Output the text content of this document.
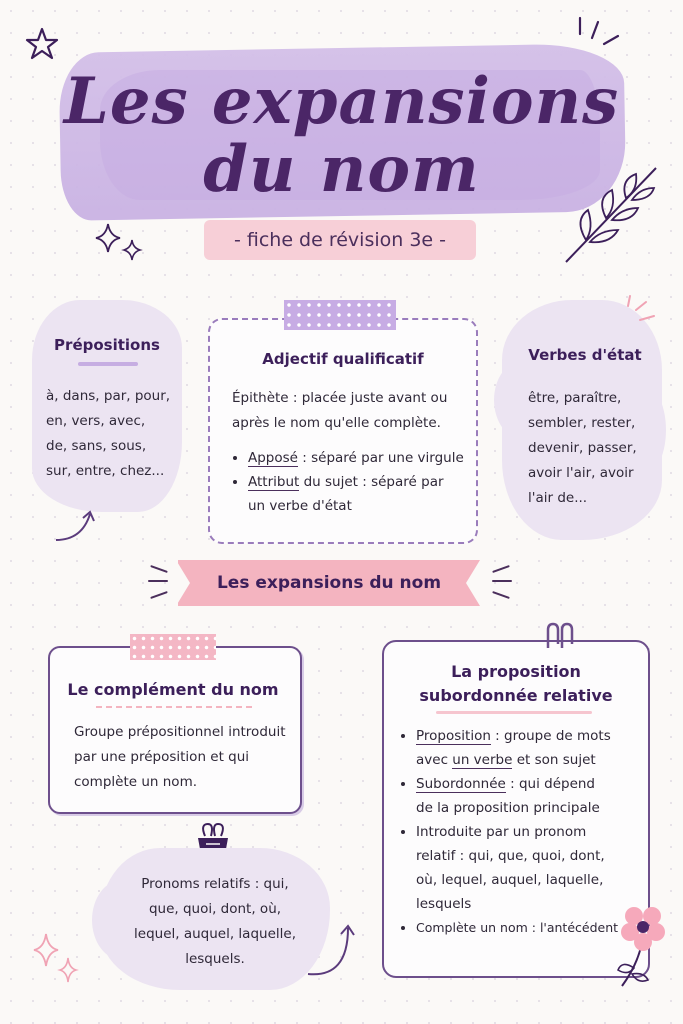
Les expansions
du nom
- fiche de révision 3e -
Prépositions
à, dans, par, pour,
en, vers, avec,
de, sans, sous,
sur, entre, chez...
Adjectif qualificatif
Épithète : placée juste avant ou
après le nom qu'elle complète.
• Apposé : séparé par une virgule
• Attribut du sujet : séparé par
un verbe d'état
Verbes d'état
être, paraître,
sembler, rester,
devenir, passer,
avoir l'air, avoir
l'air de...
Les expansions du nom
Le complément du nom
Groupe prépositionnel introduit
par une préposition et qui
complète un nom.
Pronoms relatifs : qui,
que, quoi, dont, où,
lequel, auquel, laquelle,
lesquels.
La proposition
subordonnée relative
• Proposition : groupe de mots
avec un verbe et son sujet
• Subordonnée : qui dépend
de la proposition principale
• Introduite par un pronom
relatif : qui, que, quoi, dont,
où, lequel, auquel, laquelle,
lesquels
• Complète un nom : l'antécédent
